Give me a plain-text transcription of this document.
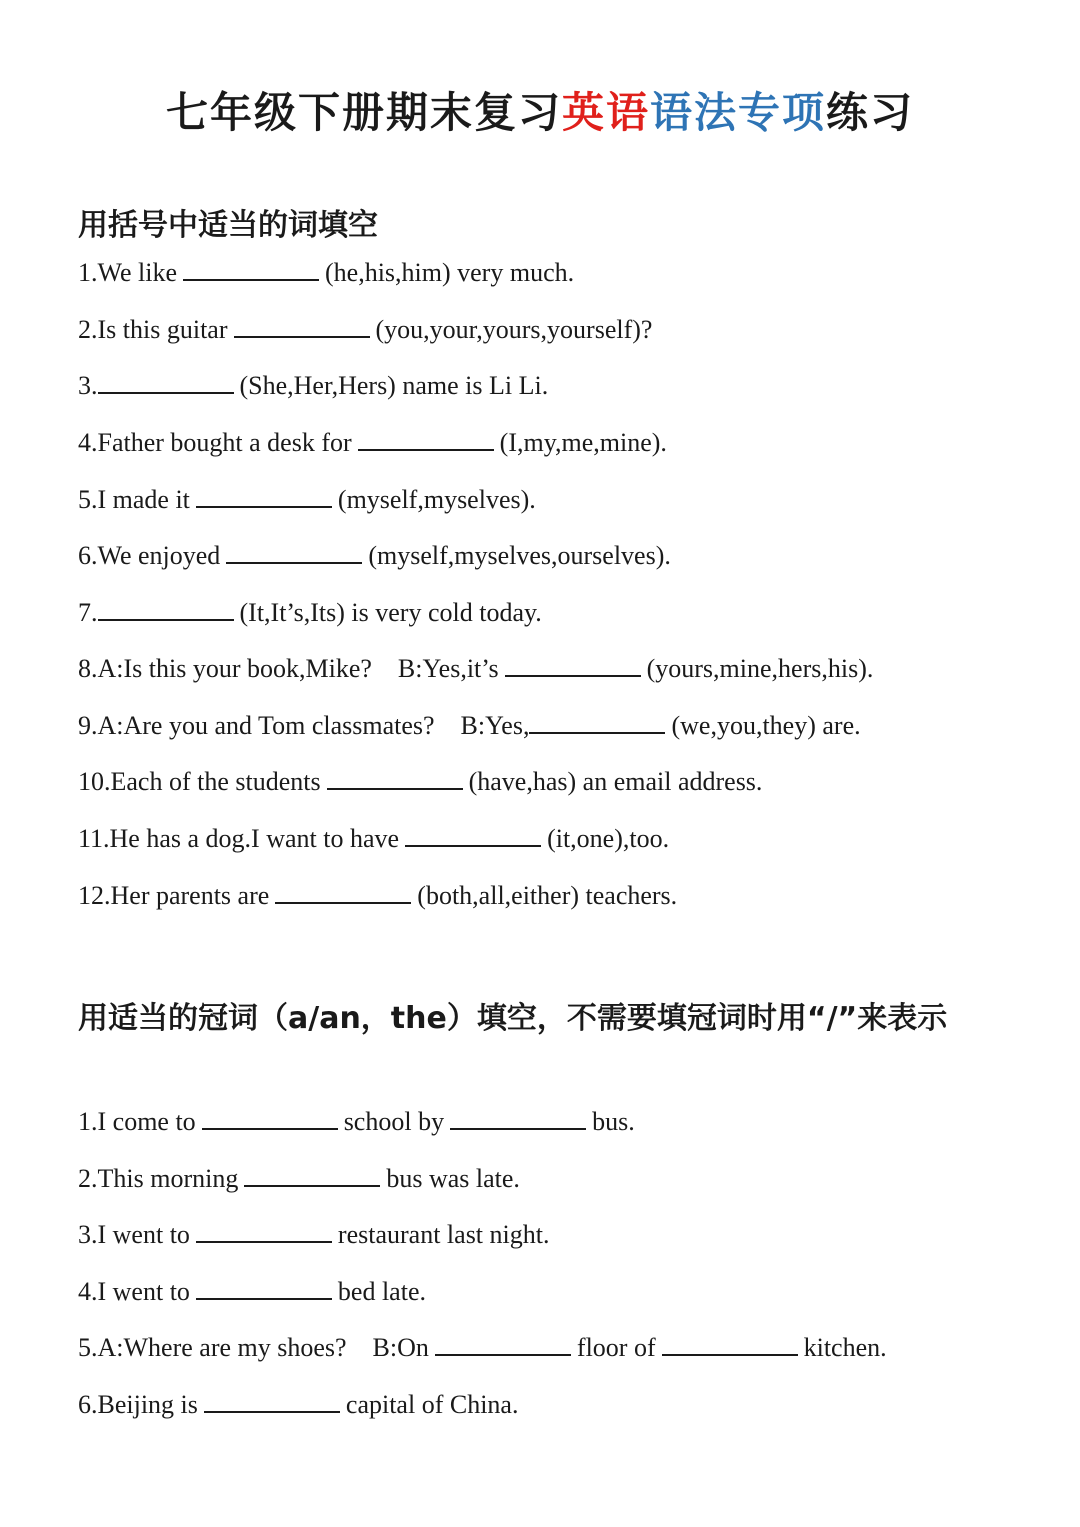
七年级下册期末复习英语语法专项练习
用括号中适当的词填空
1.We like	(he,his,him) very much.
2.Is this guitar	(you,your,yours,yourself)?
3.	(She,Her,Hers) name is Li Li.
4.Father bought a desk for	(I,my,me,mine).
5.I made it	(myself,myselves).
6.We enjoyed	(myself,myselves,ourselves).
7.	(It,It’s,Its) is very cold today.
8.A:Is this your book,Mike?    B:Yes,it’s	(yours,mine,hers,his).
9.A:Are you and Tom classmates?    B:Yes,	(we,you,they) are.
10.Each of the students	(have,has) an email address.
11.He has a dog.I want to have	(it,one),too.
12.Her parents are	(both,all,either) teachers.
用适当的冠词（a/an，the）填空，不需要填冠词时用“/”来表示
1.I come to	school by	bus.
2.This morning	bus was late.
3.I went to	restaurant last night.
4.I went to	bed late.
5.A:Where are my shoes?    B:On	floor of	kitchen.
6.Beijing is	capital of China.
